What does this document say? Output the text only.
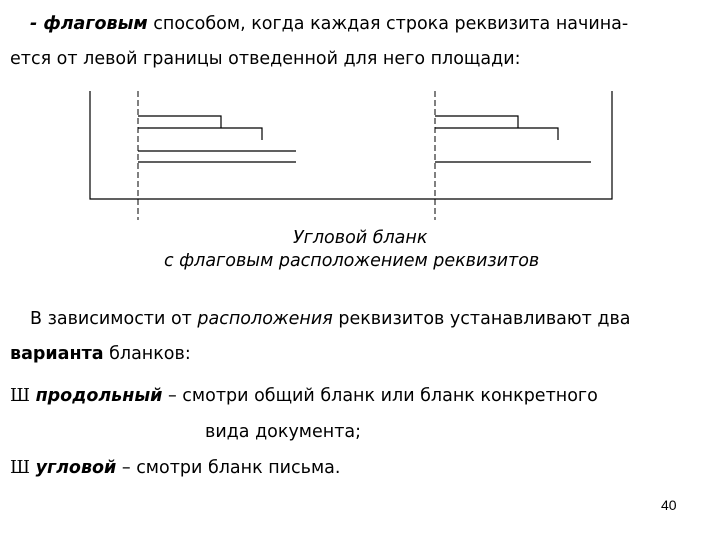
- флаговым способом, когда каждая строка реквизита начина-
ется от левой границы отведенной для него площади:
Угловой бланк
с флаговым расположением реквизитов
В зависимости от расположения реквизитов устанавливают два
варианта бланков:
Ш продольный – смотри общий бланк или бланк конкретного
вида документа;
Ш угловой – смотри бланк письма.
40
